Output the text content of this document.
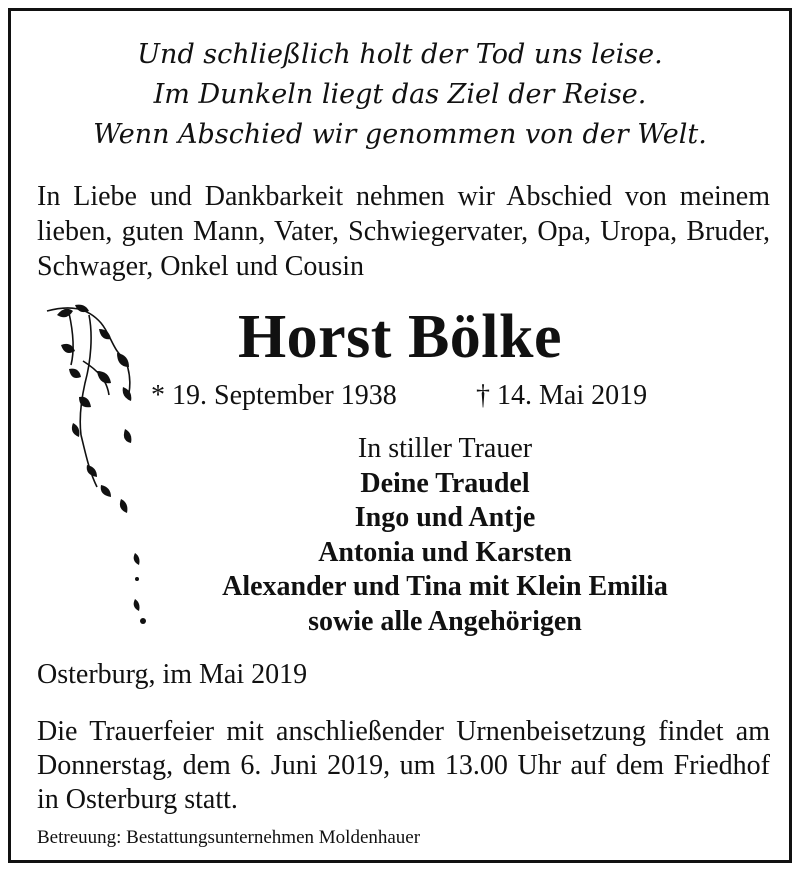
Und schließlich holt der Tod uns leise.
Im Dunkeln liegt das Ziel der Reise.
Wenn Abschied wir genommen von der Welt.
In Liebe und Dankbarkeit nehmen wir Abschied von meinem lieben, guten Mann, Vater, Schwiegervater, Opa, Uropa, Bruder, Schwager, Onkel und Cousin
Horst Bölke
* 19. September 1938	† 14. Mai 2019
In stiller Trauer
Deine Traudel
Ingo und Antje
Antonia und Karsten
Alexander und Tina mit Klein Emilia
sowie alle Angehörigen
Osterburg, im Mai 2019
Die Trauerfeier mit anschließender Urnenbeisetzung findet am Donnerstag, dem 6. Juni 2019, um 13.00 Uhr auf dem Friedhof in Osterburg statt.
Betreuung: Bestattungsunternehmen Moldenhauer
